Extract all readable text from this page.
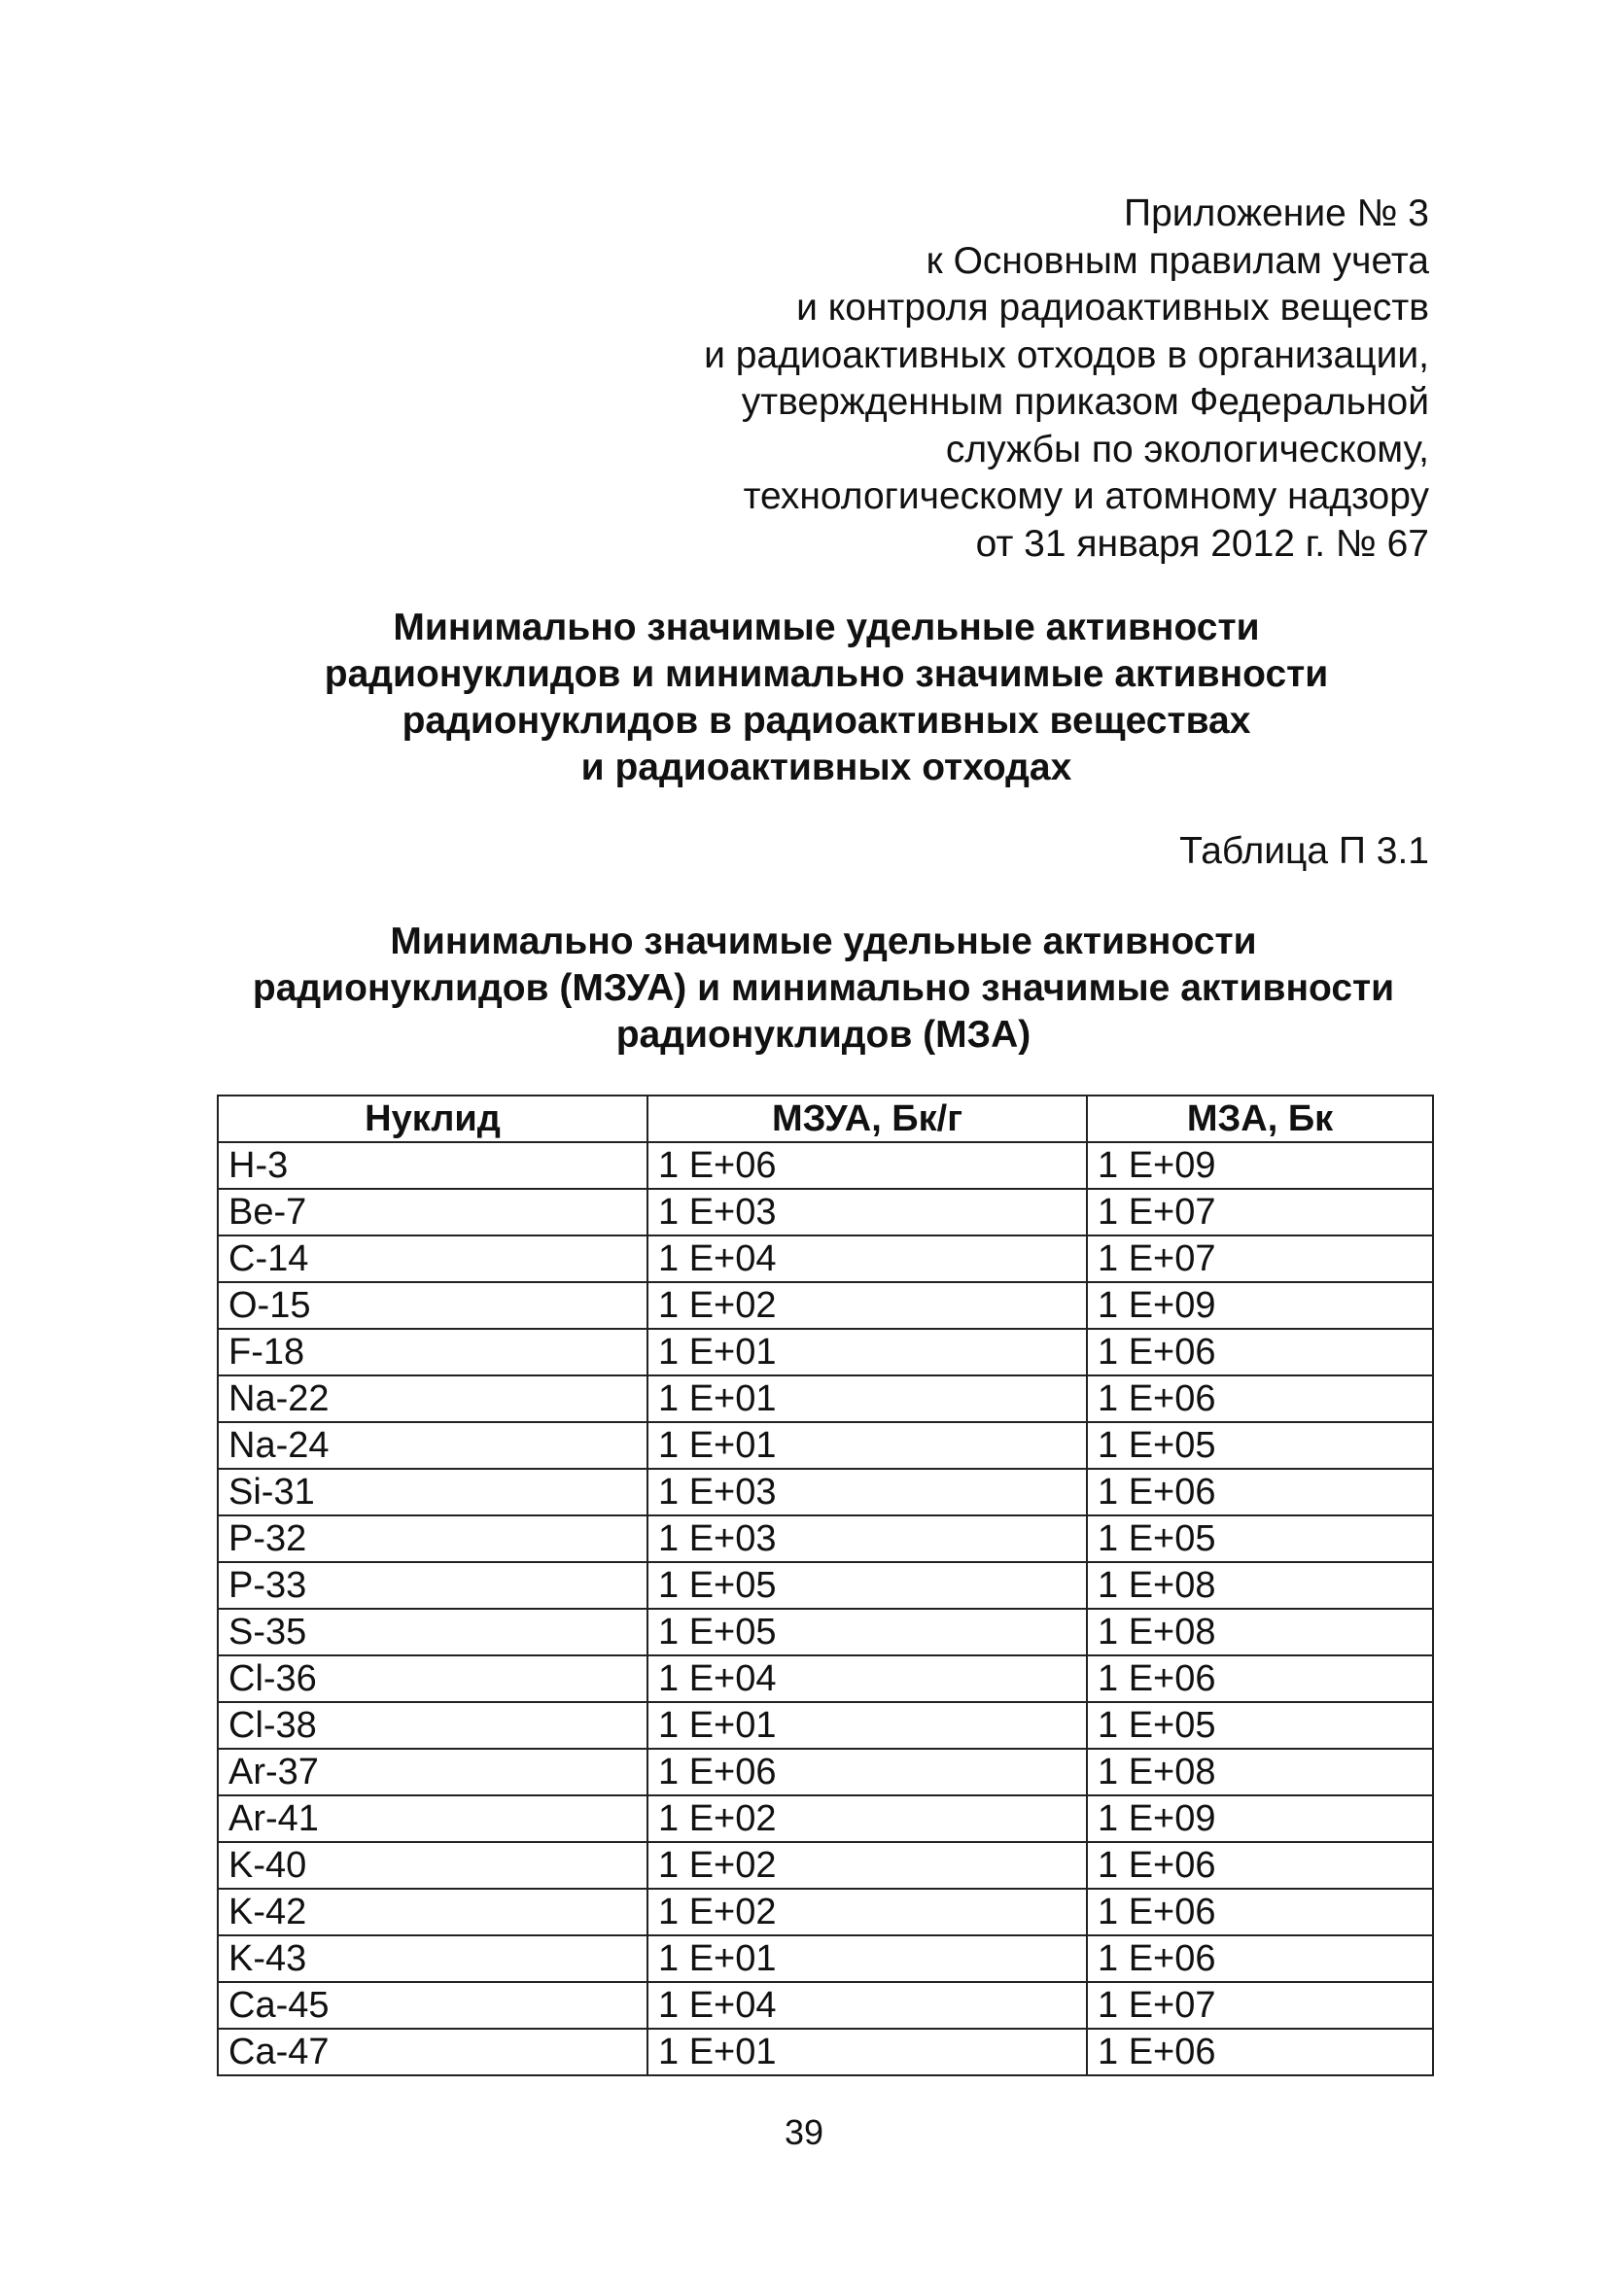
Приложение № 3
к Основным правилам учета
и контроля радиоактивных веществ
и радиоактивных отходов в организации,
утвержденным приказом Федеральной
службы по экологическому,
технологическому и атомному надзору
от 31 января 2012 г. № 67
Минимально значимые удельные активности
радионуклидов и минимально значимые активности
радионуклидов в радиоактивных веществах
и радиоактивных отходах
Таблица П 3.1
Минимально значимые удельные активности
радионуклидов (МЗУА) и минимально значимые активности
радионуклидов (МЗА)
Нуклид	МЗУА, Бк/г	МЗА, Бк
H-3	1 E+06	1 E+09
Be-7	1 E+03	1 E+07
C-14	1 E+04	1 E+07
O-15	1 E+02	1 E+09
F-18	1 E+01	1 E+06
Na-22	1 E+01	1 E+06
Na-24	1 E+01	1 E+05
Si-31	1 E+03	1 E+06
P-32	1 E+03	1 E+05
P-33	1 E+05	1 E+08
S-35	1 E+05	1 E+08
Cl-36	1 E+04	1 E+06
Cl-38	1 E+01	1 E+05
Ar-37	1 E+06	1 E+08
Ar-41	1 E+02	1 E+09
K-40	1 E+02	1 E+06
K-42	1 E+02	1 E+06
K-43	1 E+01	1 E+06
Ca-45	1 E+04	1 E+07
Ca-47	1 E+01	1 E+06
39
